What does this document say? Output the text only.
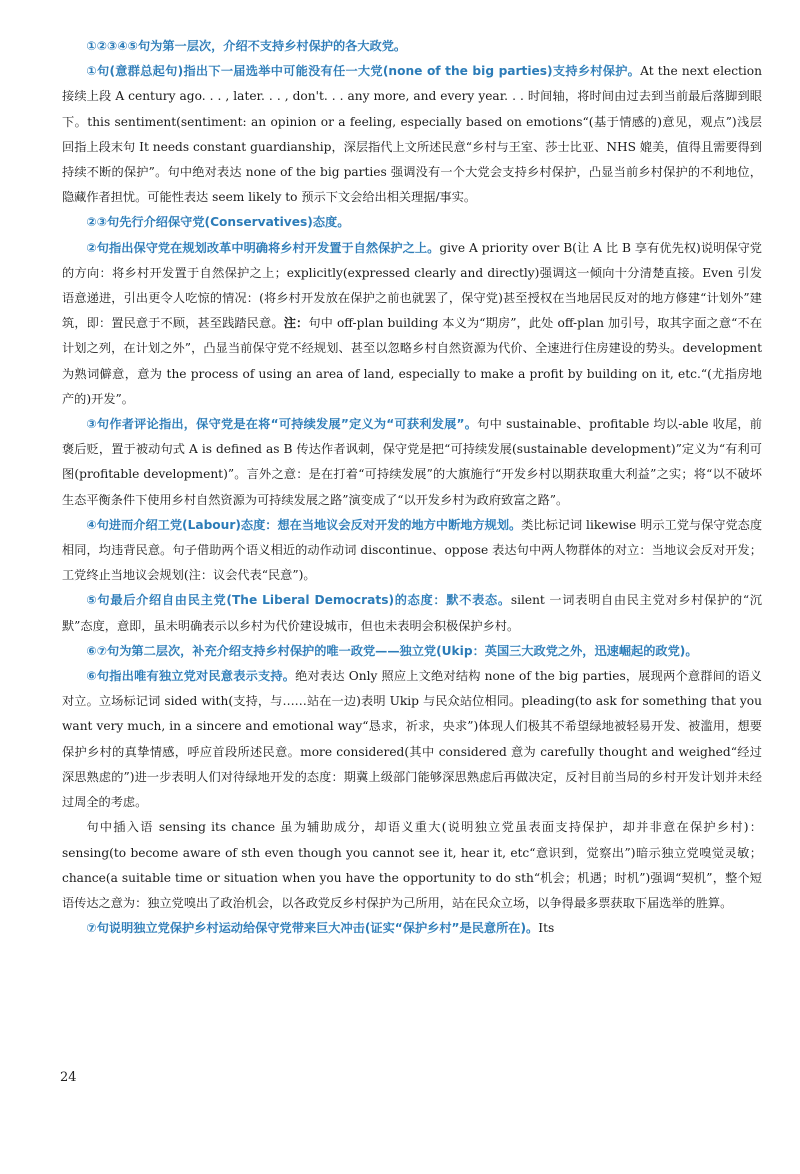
①②③④⑤句为第一层次，介绍不支持乡村保护的各大政党。

①句(意群总起句)指出下一届选举中可能没有任一大党(none of the big parties)支持乡村保护。At the next election 接续上段 A century ago. . . , later. . . , don't. . . any more, and every year. . . 时间轴，将时间由过去到当前最后落脚到眼下。this sentiment(sentiment: an opinion or a feeling, especially based on emotions“(基于情感的)意见，观点”)浅层回指上段末句 It needs constant guardianship，深层指代上文所述民意“乡村与王室、莎士比亚、NHS 媲美，值得且需要得到持续不断的保护”。句中绝对表达 none of the big parties 强调没有一个大党会支持乡村保护，凸显当前乡村保护的不利地位，隐藏作者担忧。可能性表达 seem likely to 预示下文会给出相关理据/事实。

②③句先行介绍保守党(Conservatives)态度。

②句指出保守党在规划改革中明确将乡村开发置于自然保护之上。give A priority over B(让 A 比 B 享有优先权)说明保守党的方向：将乡村开发置于自然保护之上；explicitly(expressed clearly and directly)强调这一倾向十分清楚直接。Even 引发语意递进，引出更令人吃惊的情况：(将乡村开发放在保护之前也就罢了，保守党)甚至授权在当地居民反对的地方修建“计划外”建筑，即：置民意于不顾，甚至践踏民意。注：句中 off-plan building 本义为“期房”，此处 off-plan 加引号，取其字面之意“不在计划之列，在计划之外”，凸显当前保守党不经规划、甚至以忽略乡村自然资源为代价、全速进行住房建设的势头。development 为熟词僻意，意为 the process of using an area of land, especially to make a profit by building on it, etc.“(尤指房地产的)开发”。

③句作者评论指出，保守党是在将“可持续发展”定义为“可获利发展”。句中 sustainable、profitable 均以-able 收尾，前褒后贬，置于被动句式 A is defined as B 传达作者讽刺，保守党是把“可持续发展(sustainable development)”定义为“有利可图(profitable development)”。言外之意：是在打着“可持续发展”的大旗施行“开发乡村以期获取重大利益”之实；将“以不破坏生态平衡条件下使用乡村自然资源为可持续发展之路”演变成了“以开发乡村为政府致富之路”。

④句进而介绍工党(Labour)态度：想在当地议会反对开发的地方中断地方规划。类比标记词 likewise 明示工党与保守党态度相同，均违背民意。句子借助两个语义相近的动作动词 discontinue、oppose 表达句中两人物群体的对立：当地议会反对开发；工党终止当地议会规划(注：议会代表“民意”)。

⑤句最后介绍自由民主党(The Liberal Democrats)的态度：默不表态。silent 一词表明自由民主党对乡村保护的“沉默”态度，意即，虽未明确表示以乡村为代价建设城市，但也未表明会积极保护乡村。

⑥⑦句为第二层次，补充介绍支持乡村保护的唯一政党——独立党(Ukip：英国三大政党之外，迅速崛起的政党)。

⑥句指出唯有独立党对民意表示支持。绝对表达 Only 照应上文绝对结构 none of the big parties，展现两个意群间的语义对立。立场标记词 sided with(支持，与……站在一边)表明 Ukip 与民众站位相同。pleading(to ask for something that you want very much, in a sincere and emotional way“恳求，祈求，央求”)体现人们极其不希望绿地被轻易开发、被滥用，想要保护乡村的真挚情感，呼应首段所述民意。more considered(其中 considered 意为 carefully thought and weighed“经过深思熟虑的”)进一步表明人们对待绿地开发的态度：期冀上级部门能够深思熟虑后再做决定，反衬目前当局的乡村开发计划并未经过周全的考虑。

句中插入语 sensing its chance 虽为辅助成分，却语义重大(说明独立党虽表面支持保护，却并非意在保护乡村)：sensing(to become aware of sth even though you cannot see it, hear it, etc“意识到，觉察出”)暗示独立党嗅觉灵敏；chance(a suitable time or situation when you have the opportunity to do sth“机会；机遇；时机”)强调“契机”，整个短语传达之意为：独立党嗅出了政治机会，以各政党反乡村保护为己所用，站在民众立场，以争得最多票获取下届选举的胜算。

⑦句说明独立党保护乡村运动给保守党带来巨大冲击(证实“保护乡村”是民意所在)。Its

24
